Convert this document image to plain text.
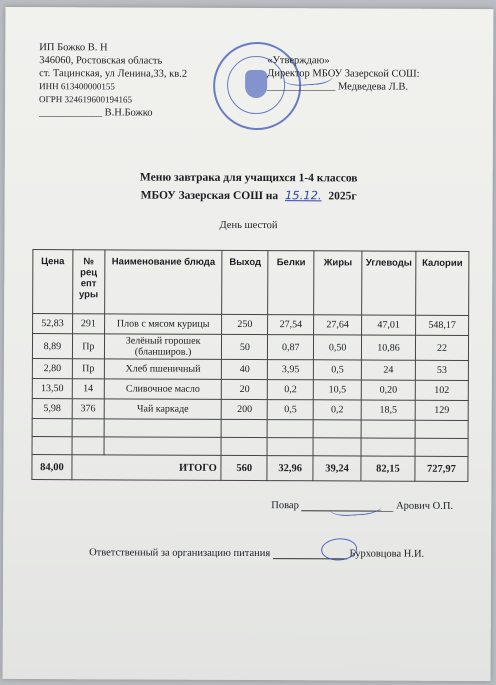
ИП Божко В. Н
346060, Ростовская область
ст. Тацинская, ул Ленина,33, кв.2
ИНН 613400000155
ОГРН 324619600194165
____________ В.Н.Божко
«Утверждаю»
Директор МБОУ Зазерской СОШ:
_____________ Медведева Л.В.
Меню завтрака для учащихся 1-4 классов
МБОУ Зазерская СОШ на 15.12. 2025г
День шестой
Цена	№ рец епт уры	Наименование блюда	Выход	Белки	Жиры	Углеводы	Калории
52,83	291	Плов с мясом курицы	250	27,54	27,64	47,01	548,17
8,89	Пр	Зелёный горошек (бланширов.)	50	0,87	0,50	10,86	22
2,80	Пр	Хлеб пшеничный	40	3,95	0,5	24	53
13,50	14	Сливочное масло	20	0,2	10,5	0,20	102
5,98	376	Чай каркаде	200	0,5	0,2	18,5	129

84,00	ИТОГО		560	32,96	39,24	82,15	727,97
Повар	Арович О.П.
Ответственный за организацию питания	Бурховцова Н.И.
